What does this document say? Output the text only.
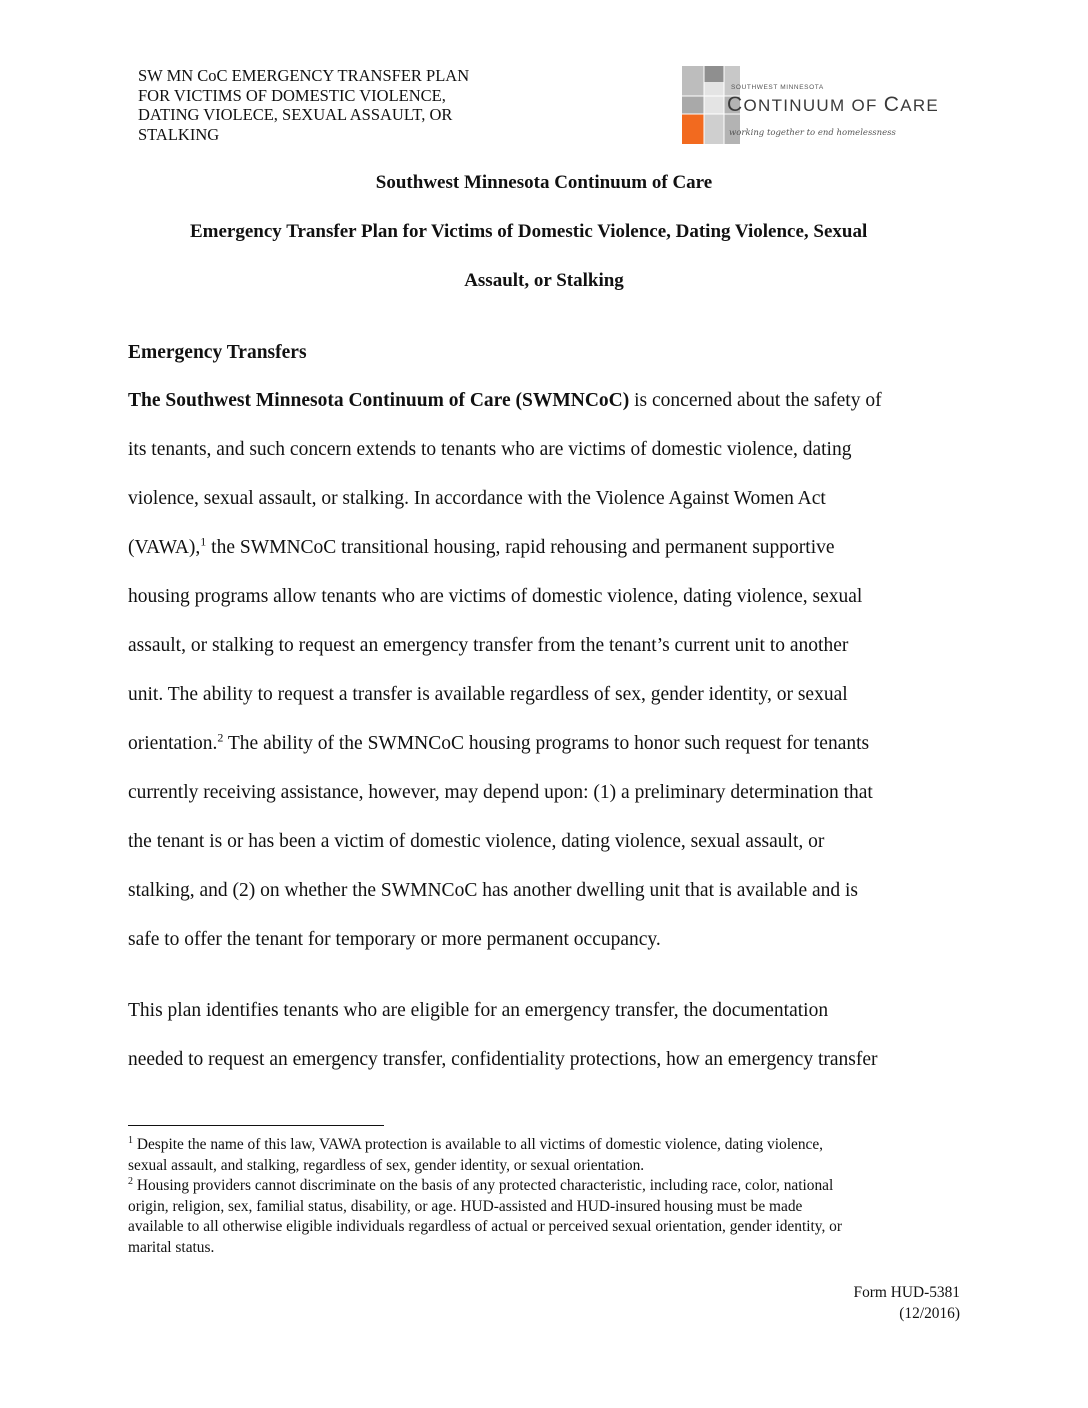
SW MN CoC EMERGENCY TRANSFER PLAN
FOR VICTIMS OF DOMESTIC VIOLENCE,
DATING VIOLECE, SEXUAL ASSAULT, OR
STALKING
SOUTHWEST MINNESOTA
CONTINUUM OF CARE
working together to end homelessness
Southwest Minnesota Continuum of Care
Emergency Transfer Plan for Victims of Domestic Violence, Dating Violence, Sexual
Assault, or Stalking
Emergency Transfers
The Southwest Minnesota Continuum of Care (SWMNCoC) is concerned about the safety of
its tenants, and such concern extends to tenants who are victims of domestic violence, dating
violence, sexual assault, or stalking. In accordance with the Violence Against Women Act
(VAWA),$^1$ the SWMNCoC transitional housing, rapid rehousing and permanent supportive
housing programs allow tenants who are victims of domestic violence, dating violence, sexual
assault, or stalking to request an emergency transfer from the tenant’s current unit to another
unit. The ability to request a transfer is available regardless of sex, gender identity, or sexual
orientation.$^2$ The ability of the SWMNCoC housing programs to honor such request for tenants
currently receiving assistance, however, may depend upon: (1) a preliminary determination that
the tenant is or has been a victim of domestic violence, dating violence, sexual assault, or
stalking, and (2) on whether the SWMNCoC has another dwelling unit that is available and is
safe to offer the tenant for temporary or more permanent occupancy.
This plan identifies tenants who are eligible for an emergency transfer, the documentation
needed to request an emergency transfer, confidentiality protections, how an emergency transfer
$^1$ Despite the name of this law, VAWA protection is available to all victims of domestic violence, dating violence,
sexual assault, and stalking, regardless of sex, gender identity, or sexual orientation.
$^2$ Housing providers cannot discriminate on the basis of any protected characteristic, including race, color, national
origin, religion, sex, familial status, disability, or age. HUD-assisted and HUD-insured housing must be made
available to all otherwise eligible individuals regardless of actual or perceived sexual orientation, gender identity, or
marital status.
Form HUD-5381
(12/2016)
